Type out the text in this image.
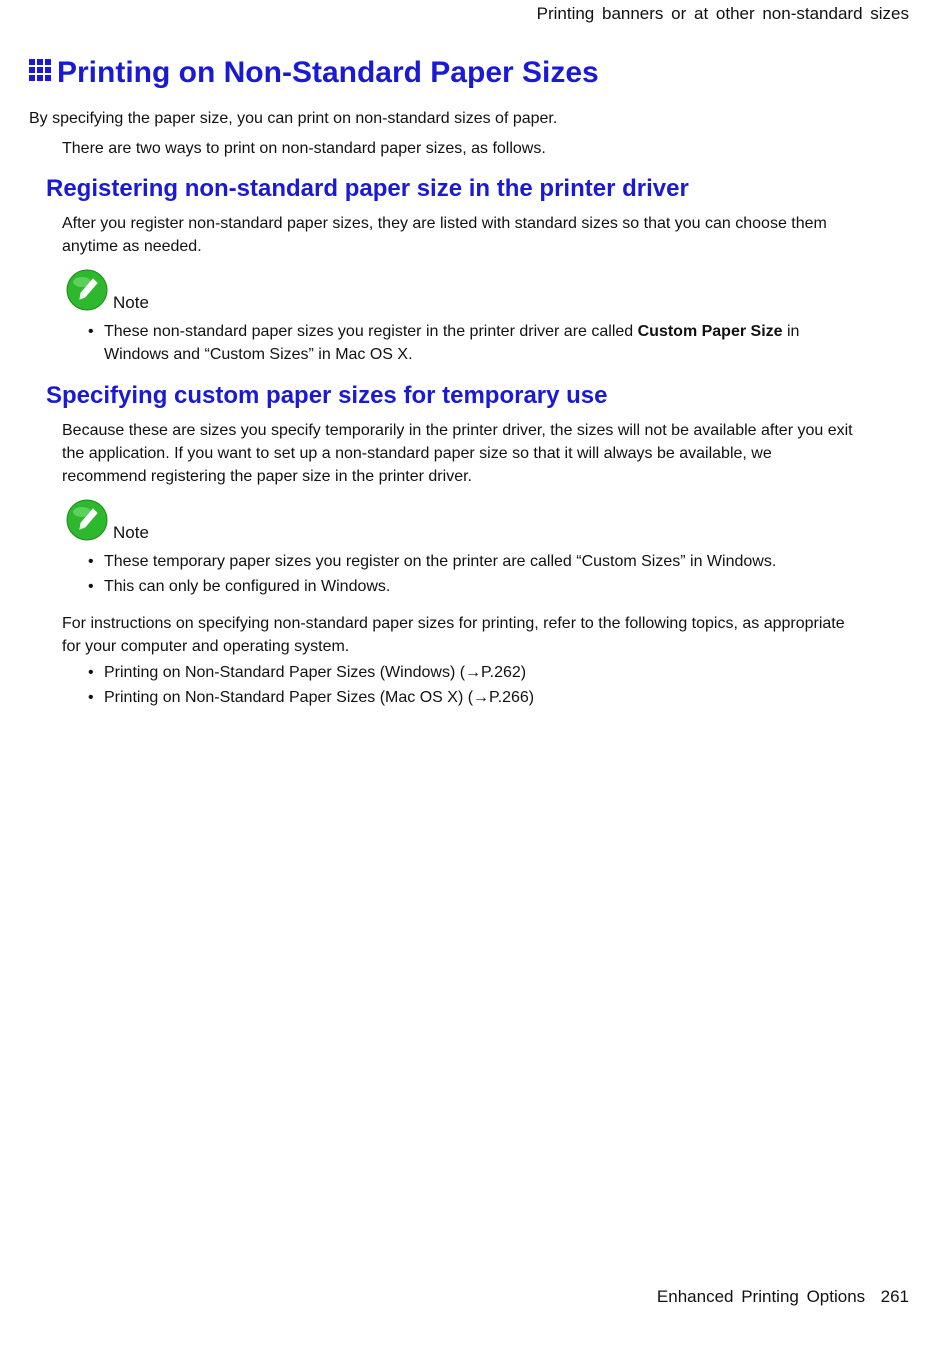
Printing banners or at other non-standard sizes
Printing on Non-Standard Paper Sizes

By specifying the paper size, you can print on non-standard sizes of paper.

There are two ways to print on non-standard paper sizes, as follows.

Registering non-standard paper size in the printer driver

After you register non-standard paper sizes, they are listed with standard sizes so that you can choose them anytime as needed.

Note
• These non-standard paper sizes you register in the printer driver are called Custom Paper Size in Windows and “Custom Sizes” in Mac OS X.
Specifying custom paper sizes for temporary use

Because these are sizes you specify temporarily in the printer driver, the sizes will not be available after you exit the application. If you want to set up a non-standard paper size so that it will always be available, we recommend registering the paper size in the printer driver.

Note
• These temporary paper sizes you register on the printer are called “Custom Sizes” in Windows.
• This can only be configured in Windows.

For instructions on specifying non-standard paper sizes for printing, refer to the following topics, as appropriate for your computer and operating system.

• Printing on Non-Standard Paper Sizes (Windows) (→P.262)
• Printing on Non-Standard Paper Sizes (Mac OS X) (→P.266)
Enhanced Printing Options 261
